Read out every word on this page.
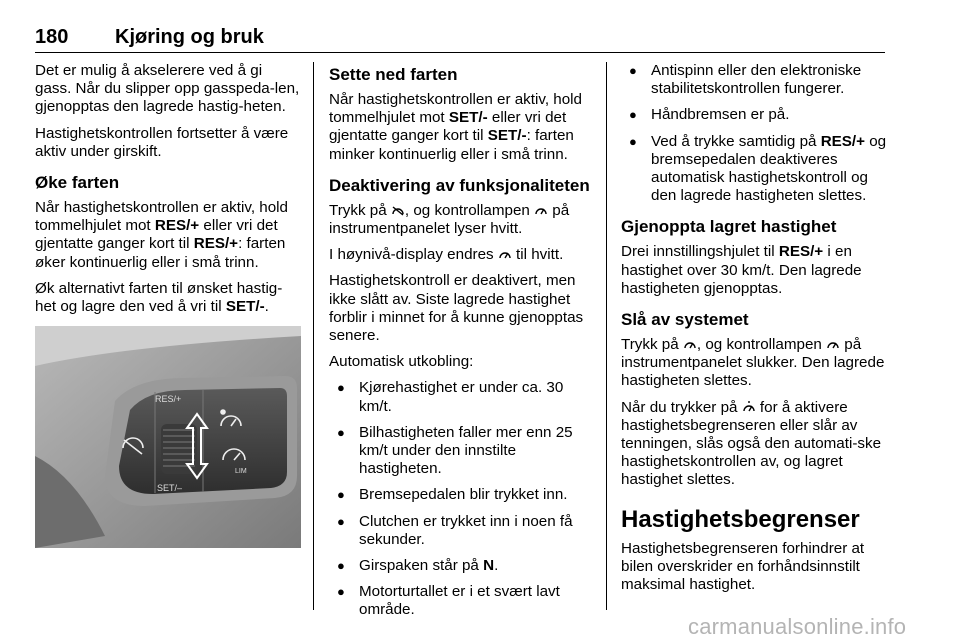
180 Kjøring og bruk

Det er mulig å akselerere ved å gi gass. Når du slipper opp gasspeda-len, gjenopptas den lagrede hastig-heten.

Hastighetskontrollen fortsetter å være aktiv under girskift.

Øke farten

Når hastighetskontrollen er aktiv, hold tommelhjulet mot RES/+ eller vri det gjentatte ganger kort til RES/+: farten øker kontinuerlig eller i små trinn.

Øk alternativt farten til ønsket hastig-het og lagre den ved å vri til SET/-.

RES/+
SET/–
LIM
Sette ned farten

Når hastighetskontrollen er aktiv, hold tommelhjulet mot SET/- eller vri det gjentatte ganger kort til SET/-: farten minker kontinuerlig eller i små trinn.

Deaktivering av funksjonaliteten

Trykk på , og kontrollampen  på instrumentpanelet lyser hvitt.

I høynivå-display endres  til hvitt.

Hastighetskontroll er deaktivert, men ikke slått av. Siste lagrede hastighet forblir i minnet for å kunne gjenopptas senere.

Automatisk utkobling:

● Kjørehastighet er under ca. 30 km/t.
● Bilhastigheten faller mer enn 25 km/t under den innstilte hastigheten.
● Bremsepedalen blir trykket inn.
● Clutchen er trykket inn i noen få sekunder.
● Girspaken står på N.
● Motorturtallet er i et svært lavt område.
● Antispinn eller den elektroniske stabilitetskontrollen fungerer.
● Håndbremsen er på.
● Ved å trykke samtidig på RES/+ og bremsepedalen deaktiveres automatisk hastighetskontroll og den lagrede hastigheten slettes.
Gjenoppta lagret hastighet

Drei innstillingshjulet til RES/+ i en hastighet over 30 km/t. Den lagrede hastigheten gjenopptas.

Slå av systemet

Trykk på , og kontrollampen  på instrumentpanelet slukker. Den lagrede hastigheten slettes.

Når du trykker på  for å aktivere hastighetsbegrenseren eller slår av tenningen, slås også den automati-ske hastighetskontrollen av, og lagret hastighet slettes.

Hastighetsbegrenser

Hastighetsbegrenseren forhindrer at bilen overskrider en forhåndsinnstilt maksimal hastighet.

carmanualsonline.info
